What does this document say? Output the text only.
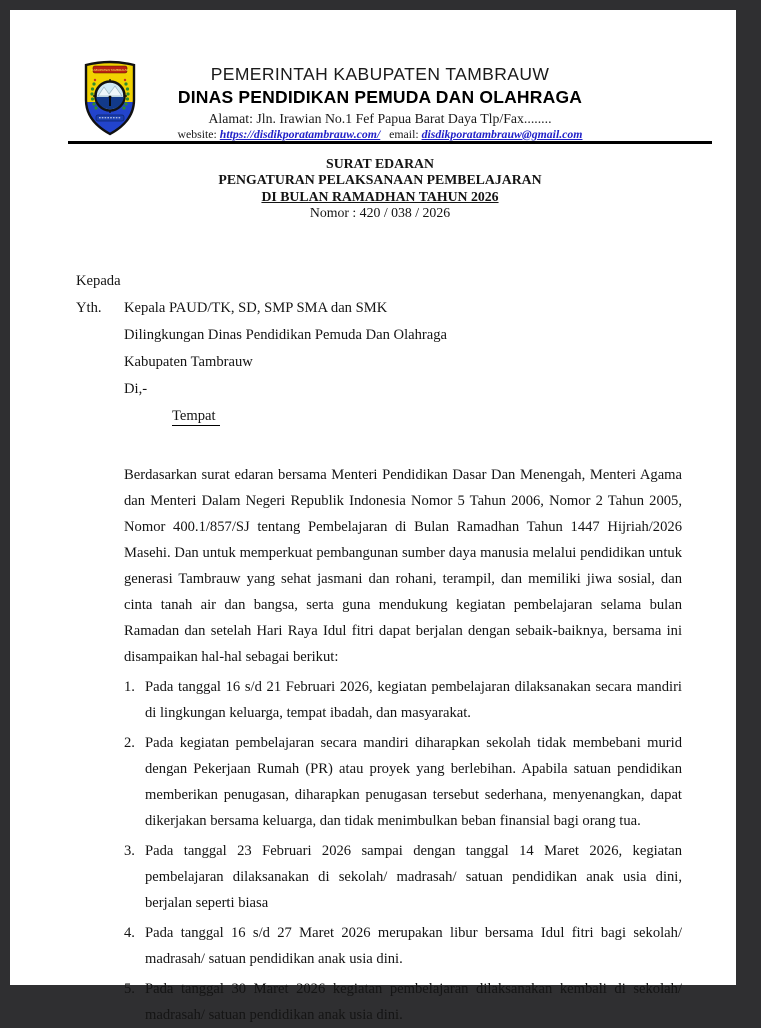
KABUPATEN TAMBRAUW	PEMERINTAH KABUPATEN TAMBRAUW
DINAS PENDIDIKAN PEMUDA DAN OLAHRAGA
Alamat: Jln. Irawian No.1 Fef Papua Barat Daya Tlp/Fax........
website: https://disdikporatambrauw.com/ email: disdikporatambrauw@gmail.com
SURAT EDARAN
PENGATURAN PELAKSANAAN PEMBELAJARAN
DI BULAN RAMADHAN TAHUN 2026
Nomor : 420 / 038 / 2026
Kepada
Yth. Kepala PAUD/TK, SD, SMP SMA dan SMK
Dilingkungan Dinas Pendidikan Pemuda Dan Olahraga
Kabupaten Tambrauw
Di,-
Tempat

Berdasarkan surat edaran bersama Menteri Pendidikan Dasar Dan Menengah, Menteri Agama dan Menteri Dalam Negeri Republik Indonesia Nomor 5 Tahun 2006, Nomor 2 Tahun 2005, Nomor 400.1/857/SJ tentang Pembelajaran di Bulan Ramadhan Tahun 1447 Hijriah/2026 Masehi. Dan untuk memperkuat pembangunan sumber daya manusia melalui pendidikan untuk generasi Tambrauw yang sehat jasmani dan rohani, terampil, dan memiliki jiwa sosial, dan cinta tanah air dan bangsa, serta guna mendukung kegiatan pembelajaran selama bulan Ramadan dan setelah Hari Raya Idul fitri dapat berjalan dengan sebaik-baiknya, bersama ini disampaikan hal-hal sebagai berikut:

1. Pada tanggal 16 s/d 21 Februari 2026, kegiatan pembelajaran dilaksanakan secara mandiri di lingkungan keluarga, tempat ibadah, dan masyarakat.
2. Pada kegiatan pembelajaran secara mandiri diharapkan sekolah tidak membebani murid dengan Pekerjaan Rumah (PR) atau proyek yang berlebihan. Apabila satuan pendidikan memberikan penugasan, diharapkan penugasan tersebut sederhana, menyenangkan, dapat dikerjakan bersama keluarga, dan tidak menimbulkan beban finansial bagi orang tua.
3. Pada tanggal 23 Februari 2026 sampai dengan tanggal 14 Maret 2026, kegiatan pembelajaran dilaksanakan di sekolah/ madrasah/ satuan pendidikan anak usia dini, berjalan seperti biasa
4. Pada tanggal 16 s/d 27 Maret 2026 merupakan libur bersama Idul fitri bagi sekolah/ madrasah/ satuan pendidikan anak usia dini.
5. Pada tanggal 30 Maret 2026 kegiatan pembelajaran dilaksanakan kembali di sekolah/ madrasah/ satuan pendidikan anak usia dini.
